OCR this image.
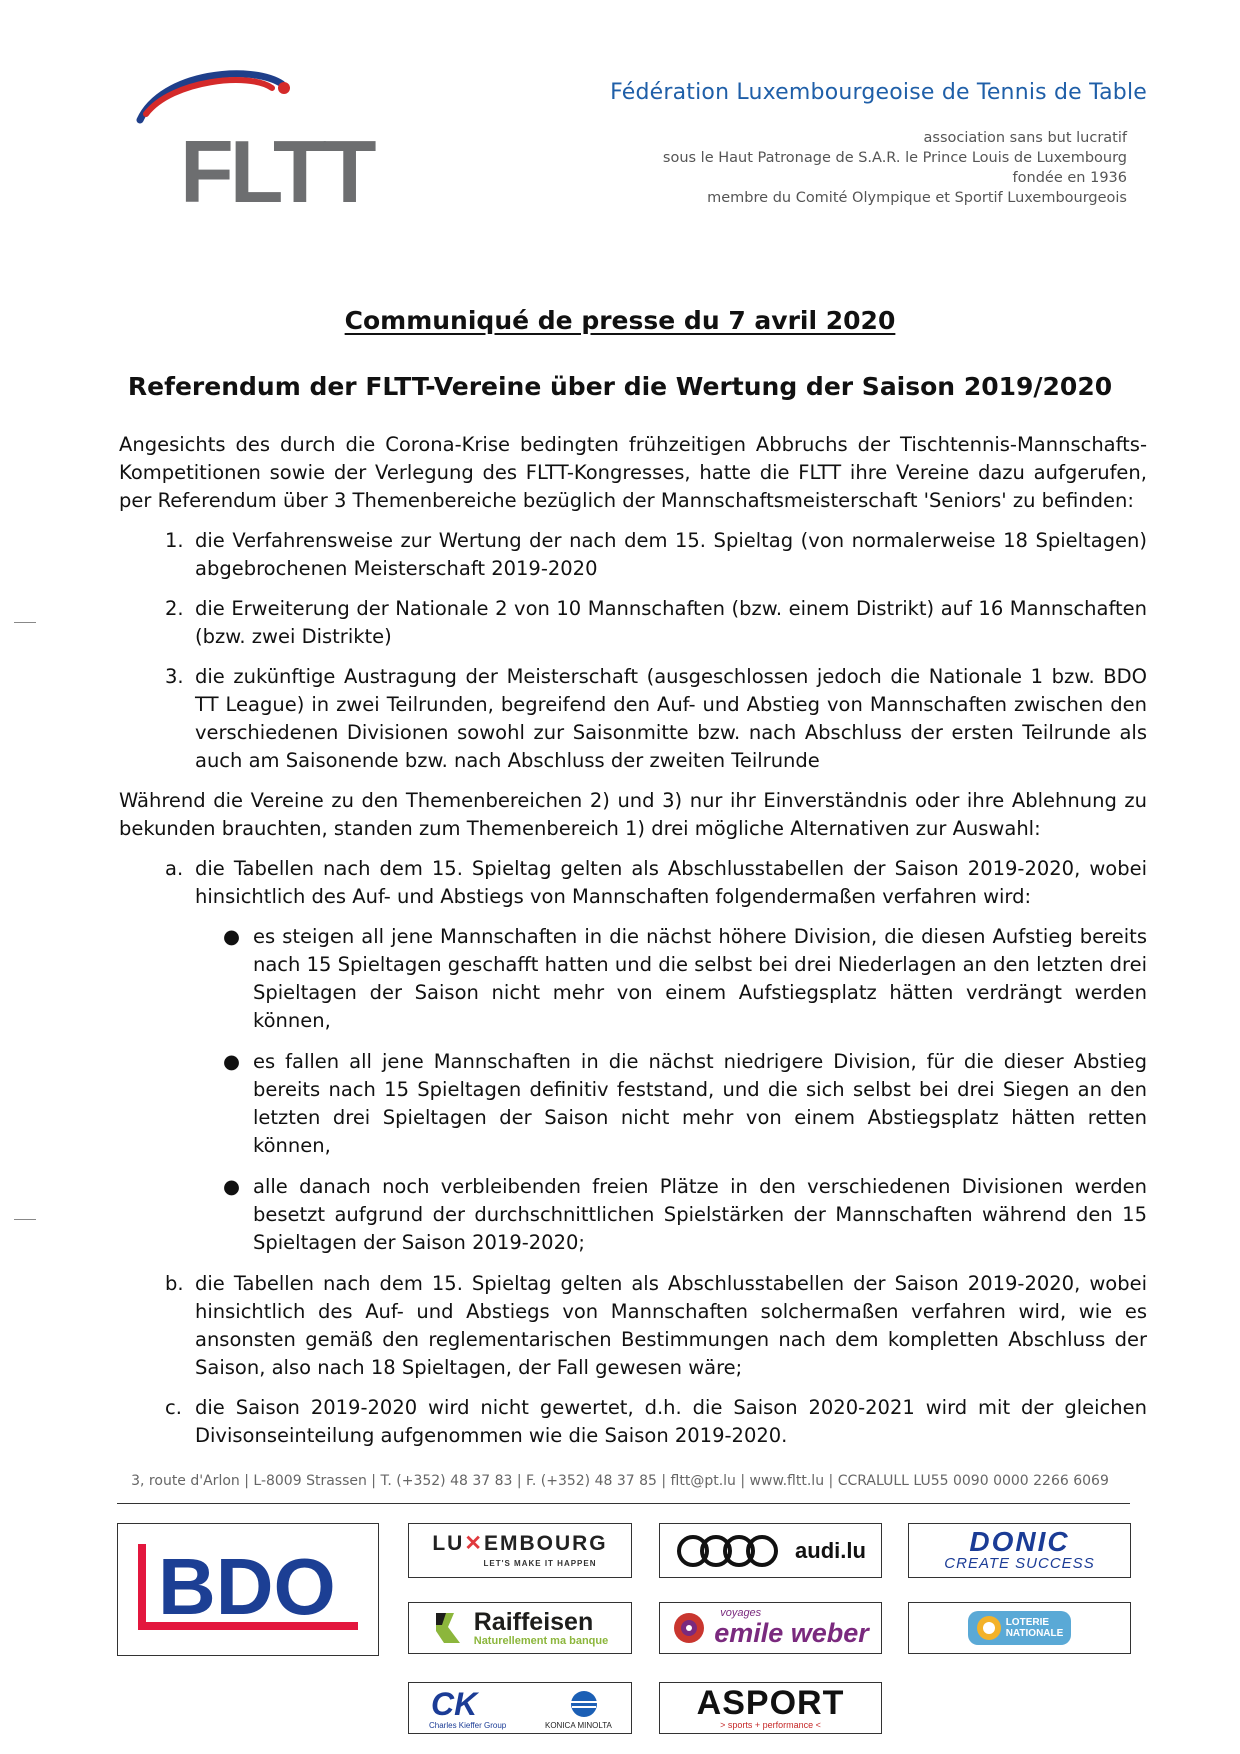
FLTT
Fédération Luxembourgeoise de Tennis de Table
association sans but lucratif
sous le Haut Patronage de S.A.R. le Prince Louis de Luxembourg
fondée en 1936
membre du Comité Olympique et Sportif Luxembourgeois
Communiqué de presse du 7 avril 2020
Referendum der FLTT-Vereine über die Wertung der Saison 2019/2020

Angesichts des durch die Corona-Krise bedingten frühzeitigen Abbruchs der Tischtennis-Mannschafts-Kompetitionen sowie der Verlegung des FLTT-Kongresses, hatte die FLTT ihre Vereine dazu aufgerufen, per Referendum über 3 Themenbereiche bezüglich der Mannschaftsmeisterschaft 'Seniors' zu befinden:

1. die Verfahrensweise zur Wertung der nach dem 15. Spieltag (von normalerweise 18 Spieltagen) abgebrochenen Meisterschaft 2019-2020
2. die Erweiterung der Nationale 2 von 10 Mannschaften (bzw. einem Distrikt) auf 16 Mannschaften (bzw. zwei Distrikte)
3. die zukünftige Austragung der Meisterschaft (ausgeschlossen jedoch die Nationale 1 bzw. BDO TT League) in zwei Teilrunden, begreifend den Auf- und Abstieg von Mannschaften zwischen den verschiedenen Divisionen sowohl zur Saisonmitte bzw. nach Abschluss der ersten Teilrunde als auch am Saisonende bzw. nach Abschluss der zweiten Teilrunde

Während die Vereine zu den Themenbereichen 2) und 3) nur ihr Einverständnis oder ihre Ablehnung zu bekunden brauchten, standen zum Themenbereich 1) drei mögliche Alternativen zur Auswahl:

a. die Tabellen nach dem 15. Spieltag gelten als Abschlusstabellen der Saison 2019-2020, wobei hinsichtlich des Auf- und Abstiegs von Mannschaften folgendermaßen verfahren wird:
● es steigen all jene Mannschaften in die nächst höhere Division, die diesen Aufstieg bereits nach 15 Spieltagen geschafft hatten und die selbst bei drei Niederlagen an den letzten drei Spieltagen der Saison nicht mehr von einem Aufstiegsplatz hätten verdrängt werden können,
● es fallen all jene Mannschaften in die nächst niedrigere Division, für die dieser Abstieg bereits nach 15 Spieltagen definitiv feststand, und die sich selbst bei drei Siegen an den letzten drei Spieltagen der Saison nicht mehr von einem Abstiegsplatz hätten retten können,
● alle danach noch verbleibenden freien Plätze in den verschiedenen Divisionen werden besetzt aufgrund der durchschnittlichen Spielstärken der Mannschaften während den 15 Spieltagen der Saison 2019-2020;
b. die Tabellen nach dem 15. Spieltag gelten als Abschlusstabellen der Saison 2019-2020, wobei hinsichtlich des Auf- und Abstiegs von Mannschaften solchermaßen verfahren wird, wie es ansonsten gemäß den reglementarischen Bestimmungen nach dem kompletten Abschluss der Saison, also nach 18 Spieltagen, der Fall gewesen wäre;
c. die Saison 2019-2020 wird nicht gewertet, d.h. die Saison 2020-2021 wird mit der gleichen Divisonseinteilung aufgenommen wie die Saison 2019-2020.
3, route d'Arlon | L-8009 Strassen | T. (+352) 48 37 83 | F. (+352) 48 37 85 | fltt@pt.lu | www.fltt.lu | CCRALULL LU55 0090 0000 2266 6069
BDO	LU✕EMBOURG
LET'S MAKE IT HAPPEN
audi.lu	DONIC
CREATE SUCCESS
Raiffeisen
Naturellement ma banque
voyages
emile weber	LOTERIE
NATIONALE
CK
Charles Kieffer Group	KONICA MINOLTA
ASPORT
> sports + performance <
